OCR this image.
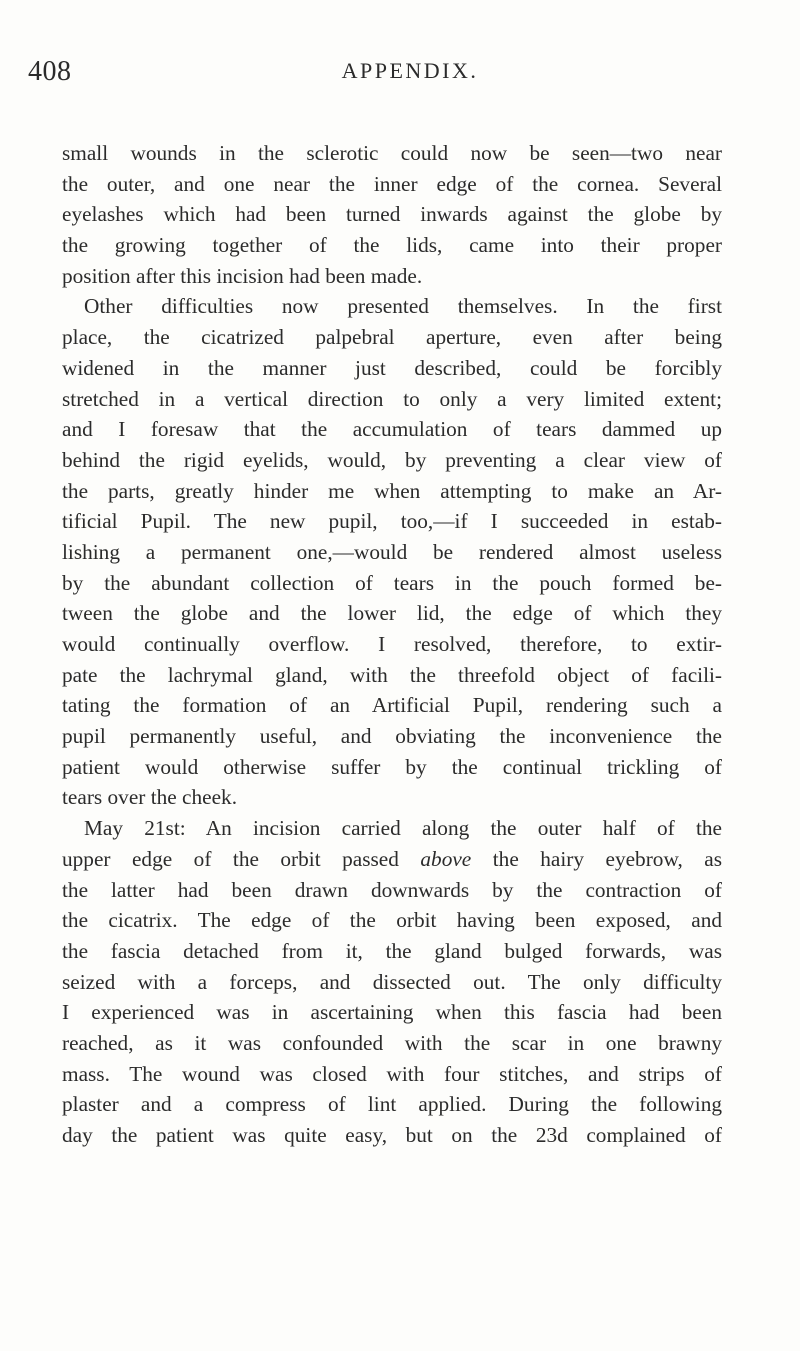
408	APPENDIX.
small wounds in the sclerotic could now be seen—two near
the outer, and one near the inner edge of the cornea. Several
eyelashes which had been turned inwards against the globe by
the growing together of the lids, came into their proper
position after this incision had been made.
Other difficulties now presented themselves. In the first
place, the cicatrized palpebral aperture, even after being
widened in the manner just described, could be forcibly
stretched in a vertical direction to only a very limited extent;
and I foresaw that the accumulation of tears dammed up
behind the rigid eyelids, would, by preventing a clear view of
the parts, greatly hinder me when attempting to make an Ar-
tificial Pupil. The new pupil, too,—if I succeeded in estab-
lishing a permanent one,—would be rendered almost useless
by the abundant collection of tears in the pouch formed be-
tween the globe and the lower lid, the edge of which they
would continually overflow. I resolved, therefore, to extir-
pate the lachrymal gland, with the threefold object of facili-
tating the formation of an Artificial Pupil, rendering such a
pupil permanently useful, and obviating the inconvenience the
patient would otherwise suffer by the continual trickling of
tears over the cheek.
May 21st: An incision carried along the outer half of the
upper edge of the orbit passed above the hairy eyebrow, as
the latter had been drawn downwards by the contraction of
the cicatrix. The edge of the orbit having been exposed, and
the fascia detached from it, the gland bulged forwards, was
seized with a forceps, and dissected out. The only difficulty
I experienced was in ascertaining when this fascia had been
reached, as it was confounded with the scar in one brawny
mass. The wound was closed with four stitches, and strips of
plaster and a compress of lint applied. During the following
day the patient was quite easy, but on the 23d complained of
